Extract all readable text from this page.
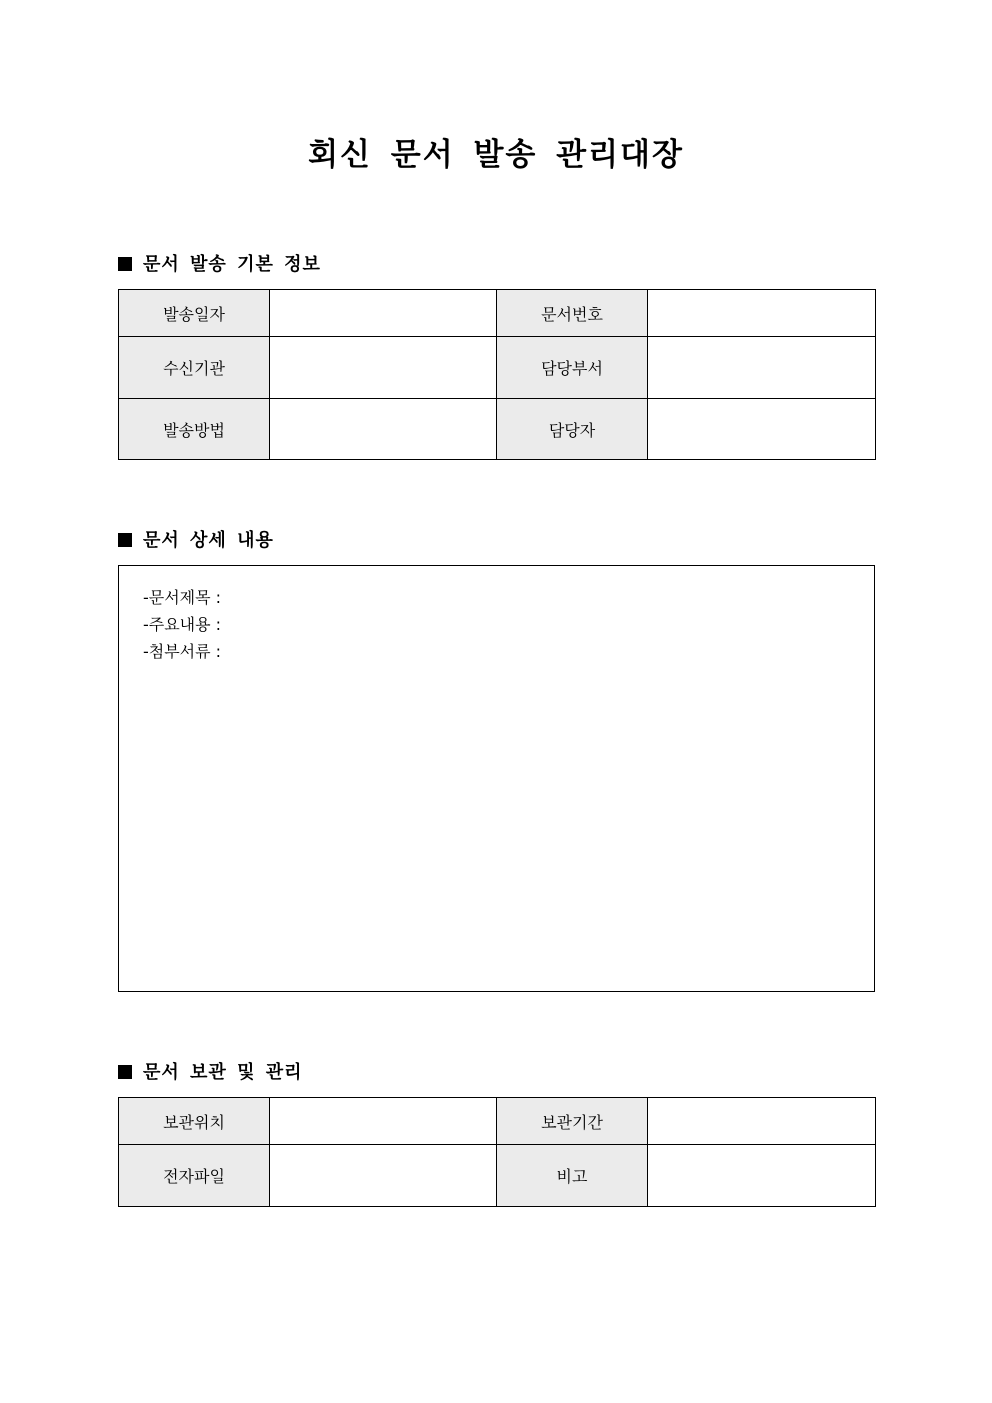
회신 문서 발송 관리대장
문서 발송 기본 정보
발송일자		문서번호	
수신기관		담당부서	
발송방법		담당자	
문서 상세 내용
-문서제목 :
-주요내용 :
-첨부서류 :
문서 보관 및 관리
보관위치		보관기간	
전자파일		비고	
